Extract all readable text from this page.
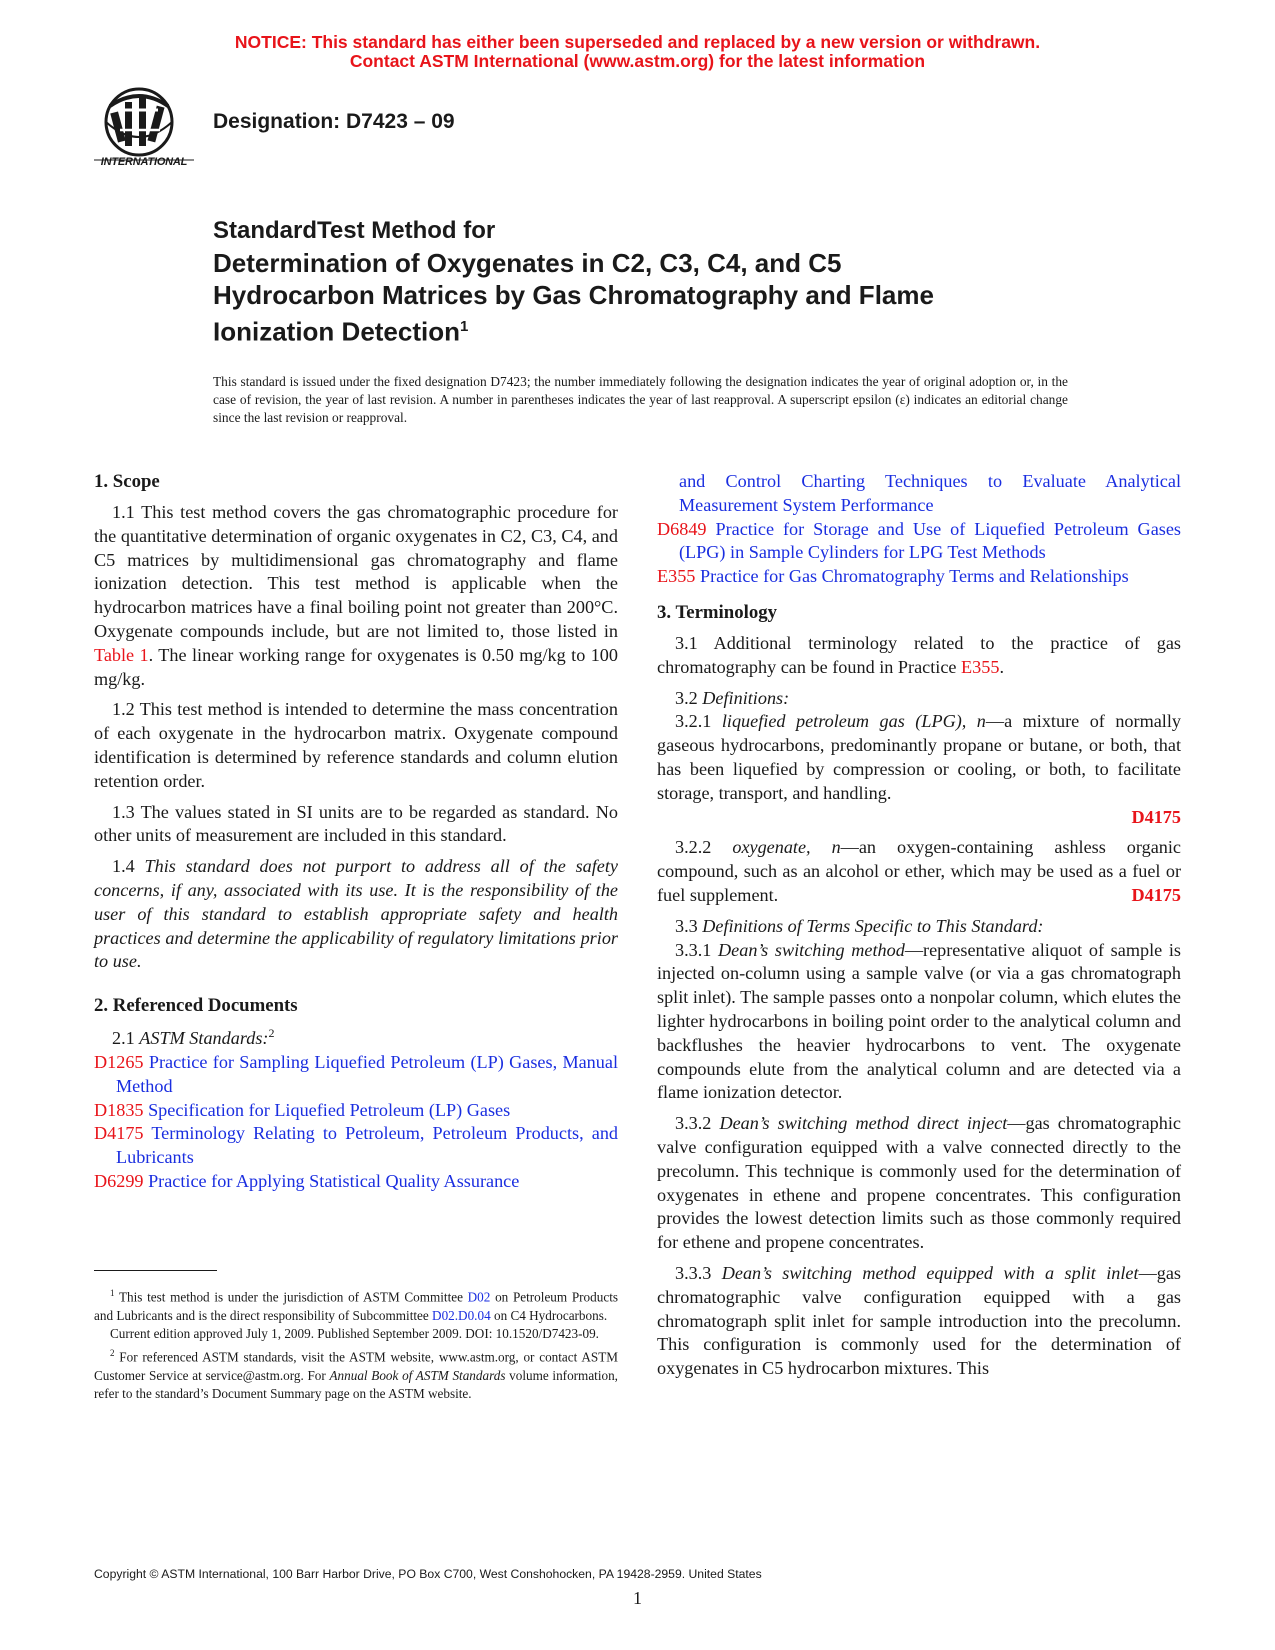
NOTICE: This standard has either been superseded and replaced by a new version or withdrawn.
Contact ASTM International (www.astm.org) for the latest information
INTERNATIONAL
Designation: D7423 – 09
StandardTest Method for
Determination of Oxygenates in C2, C3, C4, and C5
Hydrocarbon Matrices by Gas Chromatography and Flame
Ionization Detection$^1$
This standard is issued under the fixed designation D7423; the number immediately following the designation indicates the year of original adoption or, in the case of revision, the year of last revision. A number in parentheses indicates the year of last reapproval. A superscript epsilon (ε) indicates an editorial change since the last revision or reapproval.
1. Scope

1.1 This test method covers the gas chromatographic procedure for the quantitative determination of organic oxygenates in C2, C3, C4, and C5 matrices by multidimensional gas chromatography and flame ionization detection. This test method is applicable when the hydrocarbon matrices have a final boiling point not greater than 200°C. Oxygenate compounds include, but are not limited to, those listed in Table 1. The linear working range for oxygenates is 0.50 mg/kg to 100 mg/kg.

1.2 This test method is intended to determine the mass concentration of each oxygenate in the hydrocarbon matrix. Oxygenate compound identification is determined by reference standards and column elution retention order.

1.3 The values stated in SI units are to be regarded as standard. No other units of measurement are included in this standard.

1.4 This standard does not purport to address all of the safety concerns, if any, associated with its use. It is the responsibility of the user of this standard to establish appropriate safety and health practices and determine the applicability of regulatory limitations prior to use.

2. Referenced Documents

2.1 ASTM Standards:$^2$

D1265 Practice for Sampling Liquefied Petroleum (LP) Gases, Manual Method
D1835 Specification for Liquefied Petroleum (LP) Gases
D4175 Terminology Relating to Petroleum, Petroleum Products, and Lubricants
D6299 Practice for Applying Statistical Quality Assurance

$^1$ This test method is under the jurisdiction of ASTM Committee D02 on Petroleum Products and Lubricants and is the direct responsibility of Subcommittee D02.D0.04 on C4 Hydrocarbons.

Current edition approved July 1, 2009. Published September 2009. DOI: 10.1520/D7423-09.

$^2$ For referenced ASTM standards, visit the ASTM website, www.astm.org, or contact ASTM Customer Service at service@astm.org. For Annual Book of ASTM Standards volume information, refer to the standard’s Document Summary page on the ASTM website.

and Control Charting Techniques to Evaluate Analytical Measurement System Performance
D6849 Practice for Storage and Use of Liquefied Petroleum Gases (LPG) in Sample Cylinders for LPG Test Methods
E355 Practice for Gas Chromatography Terms and Relationships
3. Terminology

3.1 Additional terminology related to the practice of gas chromatography can be found in Practice E355.

3.2 Definitions:

3.2.1 liquefied petroleum gas (LPG), n—a mixture of normally gaseous hydrocarbons, predominantly propane or butane, or both, that has been liquefied by compression or cooling, or both, to facilitate storage, transport, and handling.
D4175

3.2.2 oxygenate, n—an oxygen-containing ashless organic compound, such as an alcohol or ether, which may be used as a fuel or fuel supplement.	D4175

3.3 Definitions of Terms Specific to This Standard:

3.3.1 Dean’s switching method—representative aliquot of sample is injected on-column using a sample valve (or via a gas chromatograph split inlet). The sample passes onto a nonpolar column, which elutes the lighter hydrocarbons in boiling point order to the analytical column and backflushes the heavier hydrocarbons to vent. The oxygenate compounds elute from the analytical column and are detected via a flame ionization detector.

3.3.2 Dean’s switching method direct inject—gas chromatographic valve configuration equipped with a valve connected directly to the precolumn. This technique is commonly used for the determination of oxygenates in ethene and propene concentrates. This configuration provides the lowest detection limits such as those commonly required for ethene and propene concentrates.

3.3.3 Dean’s switching method equipped with a split inlet—gas chromatographic valve configuration equipped with a gas chromatograph split inlet for sample introduction into the precolumn. This configuration is commonly used for the determination of oxygenates in C5 hydrocarbon mixtures. This

Copyright © ASTM International, 100 Barr Harbor Drive, PO Box C700, West Conshohocken, PA 19428-2959. United States
1
